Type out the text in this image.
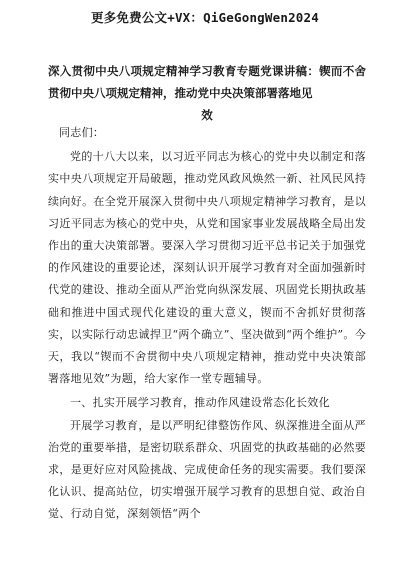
更多免费公文+VX：QiGeGongWen2024
深入贯彻中央八项规定精神学习教育专题党课讲稿：锲而不舍贯彻中央八项规定精神，推动党中央决策部署落地见
效

同志们：

党的十八大以来，以习近平同志为核心的党中央以制定和落实中央八项规定开局破题，推动党风政风焕然一新、社风民风持续向好。在全党开展深入贯彻中央八项规定精神学习教育，是以习近平同志为核心的党中央，从党和国家事业发展战略全局出发作出的重大决策部署。要深入学习贯彻习近平总书记关于加强党的作风建设的重要论述，深刻认识开展学习教育对全面加强新时代党的建设、推动全面从严治党向纵深发展、巩固党长期执政基础和推进中国式现代化建设的重大意义，锲而不舍抓好贯彻落实，以实际行动忠诚捍卫“两个确立”、坚决做到“两个维护”。今天，我以“锲而不舍贯彻中央八项规定精神，推动党中央决策部署落地见效”为题，给大家作一堂专题辅导。

一、扎实开展学习教育，推动作风建设常态化长效化

开展学习教育，是以严明纪律整饬作风、纵深推进全面从严治党的重要举措，是密切联系群众、巩固党的执政基础的必然要求，是更好应对风险挑战、完成使命任务的现实需要。我们要深化认识、提高站位，切实增强开展学习教育的思想自觉、政治自觉、行动自觉，深刻领悟“两个
